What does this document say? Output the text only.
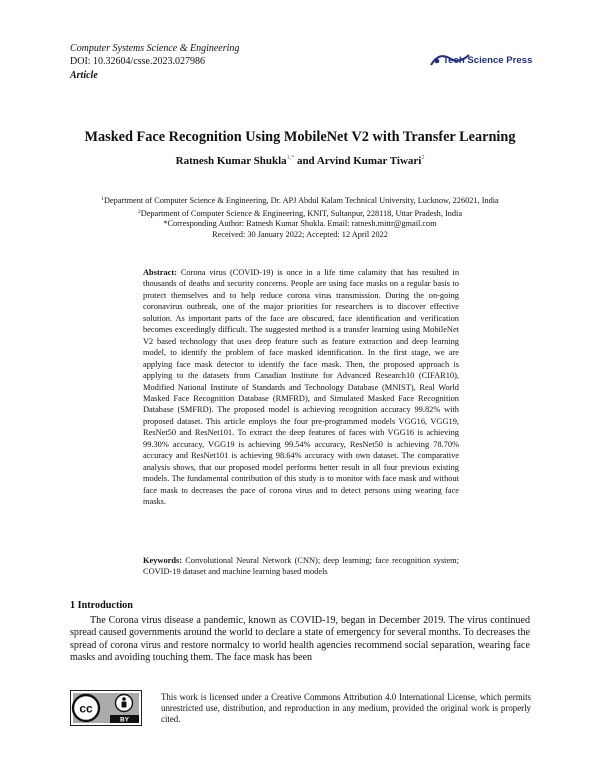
Computer Systems Science & Engineering
DOI: 10.32604/csse.2023.027986
Article
Tech Science Press
Masked Face Recognition Using MobileNet V2 with Transfer Learning
Ratnesh Kumar Shukla$^{1,*}$ and Arvind Kumar Tiwari$^2$
$^1$Department of Computer Science & Engineering, Dr. APJ Abdul Kalam Technical University, Lucknow, 226021, India
$^2$Department of Computer Science & Engineering, KNIT, Sultanpur, 228118, Uttar Pradesh, India
*Corresponding Author: Ratnesh Kumar Shukla. Email: ratnesh.mittr@gmail.com
Received: 30 January 2022; Accepted: 12 April 2022

Abstract: Corona virus (COVID-19) is once in a life time calamity that has resulted in thousands of deaths and security concerns. People are using face masks on a regular basis to protect themselves and to help reduce corona virus transmission. During the on-going coronavirus outbreak, one of the major priorities for researchers is to discover effective solution. As important parts of the face are obscured, face identification and verification becomes exceedingly difficult. The suggested method is a transfer learning using MobileNet V2 based technology that uses deep feature such as feature extraction and deep learning model, to identify the problem of face masked identification. In the first stage, we are applying face mask detector to identify the face mask. Then, the proposed approach is applying to the datasets from Canadian Institute for Advanced Research10 (CIFAR10), Modified National Institute of Standards and Technology Database (MNIST), Real World Masked Face Recognition Database (RMFRD), and Simulated Masked Face Recognition Database (SMFRD). The proposed model is achieving recognition accuracy 99.82% with proposed dataset. This article employs the four pre-programmed models VGG16, VGG19, ResNet50 and ResNet101. To extract the deep features of faces with VGG16 is achieving 99.30% accuracy, VGG19 is achieving 99.54% accuracy, ResNet50 is achieving 78.70% accuracy and ResNet101 is achieving 98.64% accuracy with own dataset. The comparative analysis shows, that our proposed model performs better result in all four previous existing models. The fundamental contribution of this study is to monitor with face mask and without face mask to decreases the pace of corona virus and to detect persons using wearing face masks.

Keywords: Convolutional Neural Network (CNN); deep learning; face recognition system; COVID-19 dataset and machine learning based models
1 Introduction

The Corona virus disease a pandemic, known as COVID-19, began in December 2019. The virus continued spread caused governments around the world to declare a state of emergency for several months. To decreases the spread of corona virus and restore normalcy to world health agencies recommend social separation, wearing face masks and avoiding touching them. The face mask has been

cc
BY
This work is licensed under a Creative Commons Attribution 4.0 International License, which permits unrestricted use, distribution, and reproduction in any medium, provided the original work is properly cited.
